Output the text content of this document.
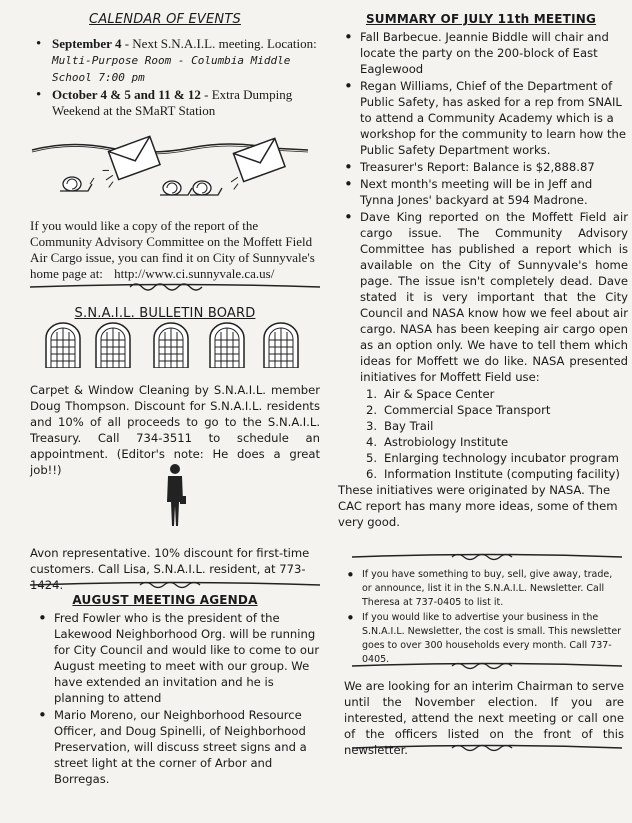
CALENDAR OF EVENTS
• September 4 - Next S.N.A.I.L. meeting. Location:
Multi-Purpose Room - Columbia Middle School 7:00 pm
• October 4 & 5 and 11 & 12 - Extra Dumping Weekend at the SMaRT Station
If you would like a copy of the report of the Community Advisory Committee on the Moffett Field Air Cargo issue, you can find it on City of Sunnyvale's home page at: http://www.ci.sunnyvale.ca.us/
S.N.A.I.L. BULLETIN BOARD
Carpet & Window Cleaning by S.N.A.I.L. member Doug Thompson. Discount for S.N.A.I.L. residents and 10% of all proceeds to go to the S.N.A.I.L. Treasury. Call 734-3511 to schedule an appointment. (Editor's note: He does a great job!!)
Avon representative. 10% discount for first-time customers. Call Lisa, S.N.A.I.L. resident, at 773-1424.
AUGUST MEETING AGENDA
• Fred Fowler who is the president of the Lakewood Neighborhood Org. will be running for City Council and would like to come to our August meeting to meet with our group. We have extended an invitation and he is planning to attend
• Mario Moreno, our Neighborhood Resource Officer, and Doug Spinelli, of Neighborhood Preservation, will discuss street signs and a street light at the corner of Arbor and Borregas.
SUMMARY OF JULY 11th MEETING
• Fall Barbecue. Jeannie Biddle will chair and locate the party on the 200-block of East Eaglewood
• Regan Williams, Chief of the Department of Public Safety, has asked for a rep from SNAIL to attend a Community Academy which is a workshop for the community to learn how the Public Safety Department works.
• Treasurer's Report: Balance is $2,888.87
• Next month's meeting will be in Jeff and Tynna Jones' backyard at 594 Madrone.
• Dave King reported on the Moffett Field air cargo issue. The Community Advisory Committee has published a report which is available on the City of Sunnyvale's home page. The issue isn't completely dead. Dave stated it is very important that the City Council and NASA know how we feel about air cargo. NASA has been keeping air cargo open as an option only. We have to tell them which ideas for Moffett we do like. NASA presented initiatives for Moffett Field use:
1. Air & Space Center
2. Commercial Space Transport
3. Bay Trail
4. Astrobiology Institute
5. Enlarging technology incubator program
6. Information Institute (computing facility)
These initiatives were originated by NASA. The CAC report has many more ideas, some of them very good.
• If you have something to buy, sell, give away, trade, or announce, list it in the S.N.A.I.L. Newsletter. Call Theresa at 737-0405 to list it.
• If you would like to advertise your business in the S.N.A.I.L. Newsletter, the cost is small. This newsletter goes to over 300 households every month. Call 737-0405.
We are looking for an interim Chairman to serve until the November election. If you are interested, attend the next meeting or call one of the officers listed on the front of this newsletter.
